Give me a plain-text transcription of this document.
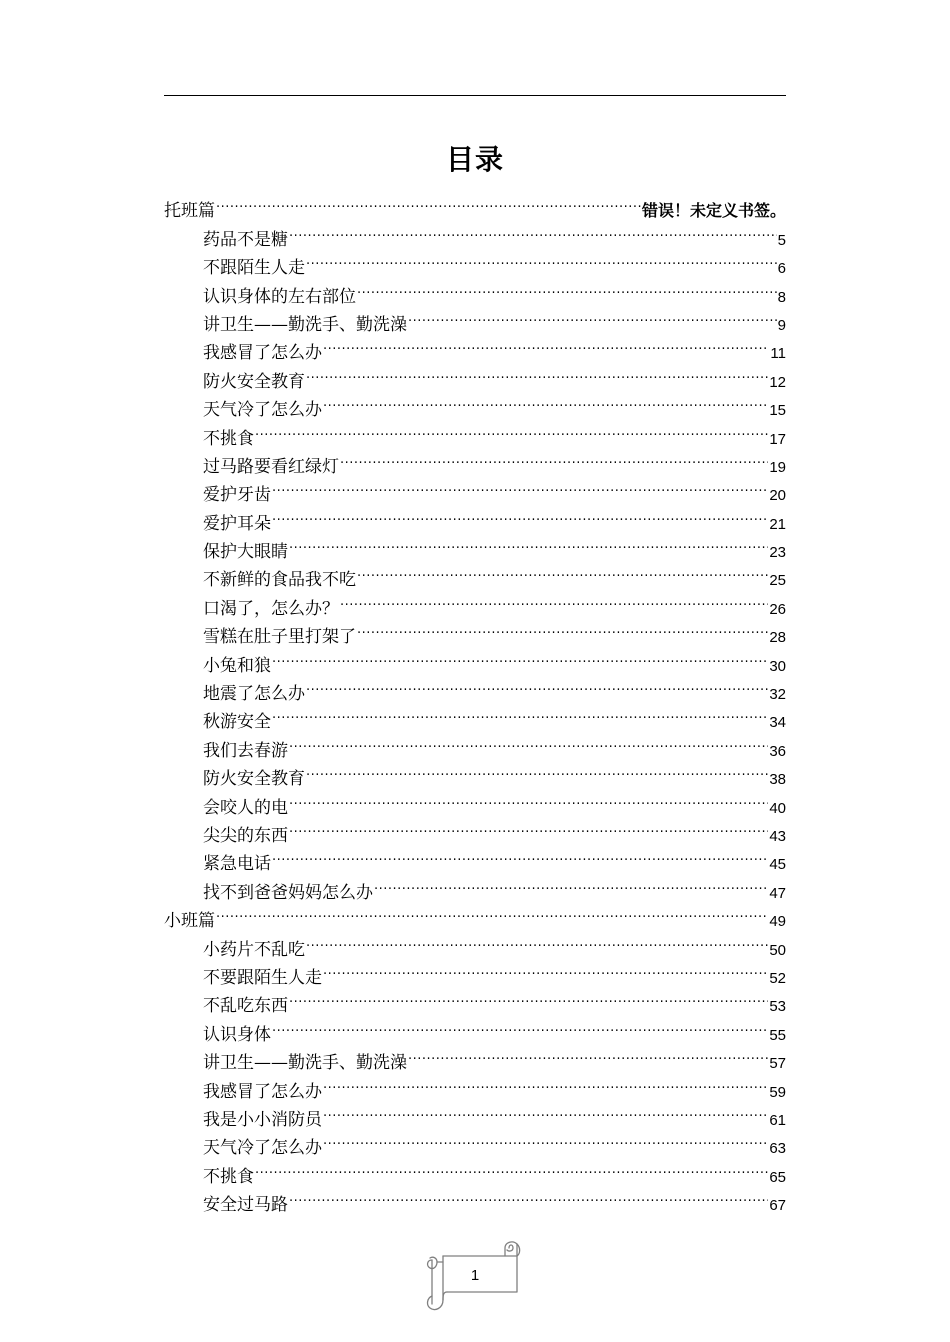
目录
托班篇 .....	错误！未定义书签。
药品不是糖 .....	5
不跟陌生人走 .....	6
认识身体的左右部位 .....	8
讲卫生——勤洗手、勤洗澡 .....	9
我感冒了怎么办 .....	11
防火安全教育 .....	12
天气冷了怎么办 .....	15
不挑食 .....	17
过马路要看红绿灯 .....	19
爱护牙齿 .....	20
爱护耳朵 .....	21
保护大眼睛 .....	23
不新鲜的食品我不吃 .....	25
口渴了，怎么办？ .....	26
雪糕在肚子里打架了 .....	28
小兔和狼 .....	30
地震了怎么办 .....	32
秋游安全 .....	34
我们去春游 .....	36
防火安全教育 .....	38
会咬人的电 .....	40
尖尖的东西 .....	43
紧急电话 .....	45
找不到爸爸妈妈怎么办 .....	47
小班篇 .....	49
小药片不乱吃 .....	50
不要跟陌生人走 .....	52
不乱吃东西 .....	53
认识身体 .....	55
讲卫生——勤洗手、勤洗澡 .....	57
我感冒了怎么办 .....	59
我是小小消防员 .....	61
天气冷了怎么办 .....	63
不挑食 .....	65
安全过马路 .....	67
1
